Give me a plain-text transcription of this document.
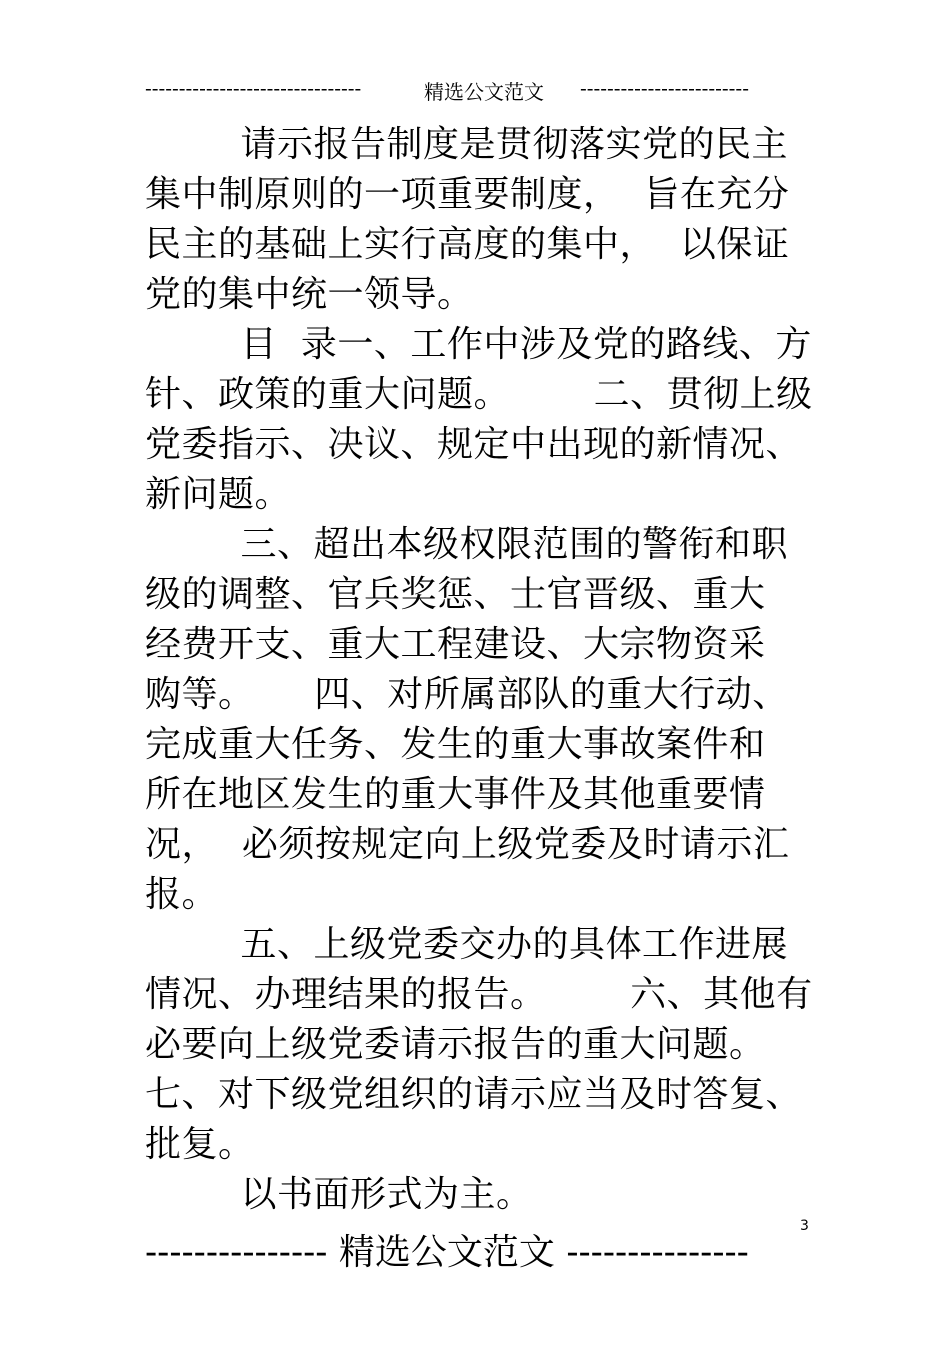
--------------------------------	精选公文范文 -------------------------
请示报告制度是贯彻落实党的民主
集中制原则的一项重要制度，  旨在充分
民主的基础上实行高度的集中，  以保证
党的集中统一领导。
目  录一、工作中涉及党的路线、方
针、政策的重大问题。       二、贯彻上级
党委指示、决议、规定中出现的新情况、
新问题。
三、超出本级权限范围的警衔和职
级的调整、官兵奖惩、士官晋级、重大
经费开支、重大工程建设、大宗物资采
购等。     四、对所属部队的重大行动、
完成重大任务、发生的重大事故案件和
所在地区发生的重大事件及其他重要情
况，  必须按规定向上级党委及时请示汇
报。
五、上级党委交办的具体工作进展
情况、办理结果的报告。       六、其他有
必要向上级党委请示报告的重大问题。
七、对下级党组织的请示应当及时答复、
批复。
以书面形式为主。
3
--------------- 精选公文范文 ---------------
